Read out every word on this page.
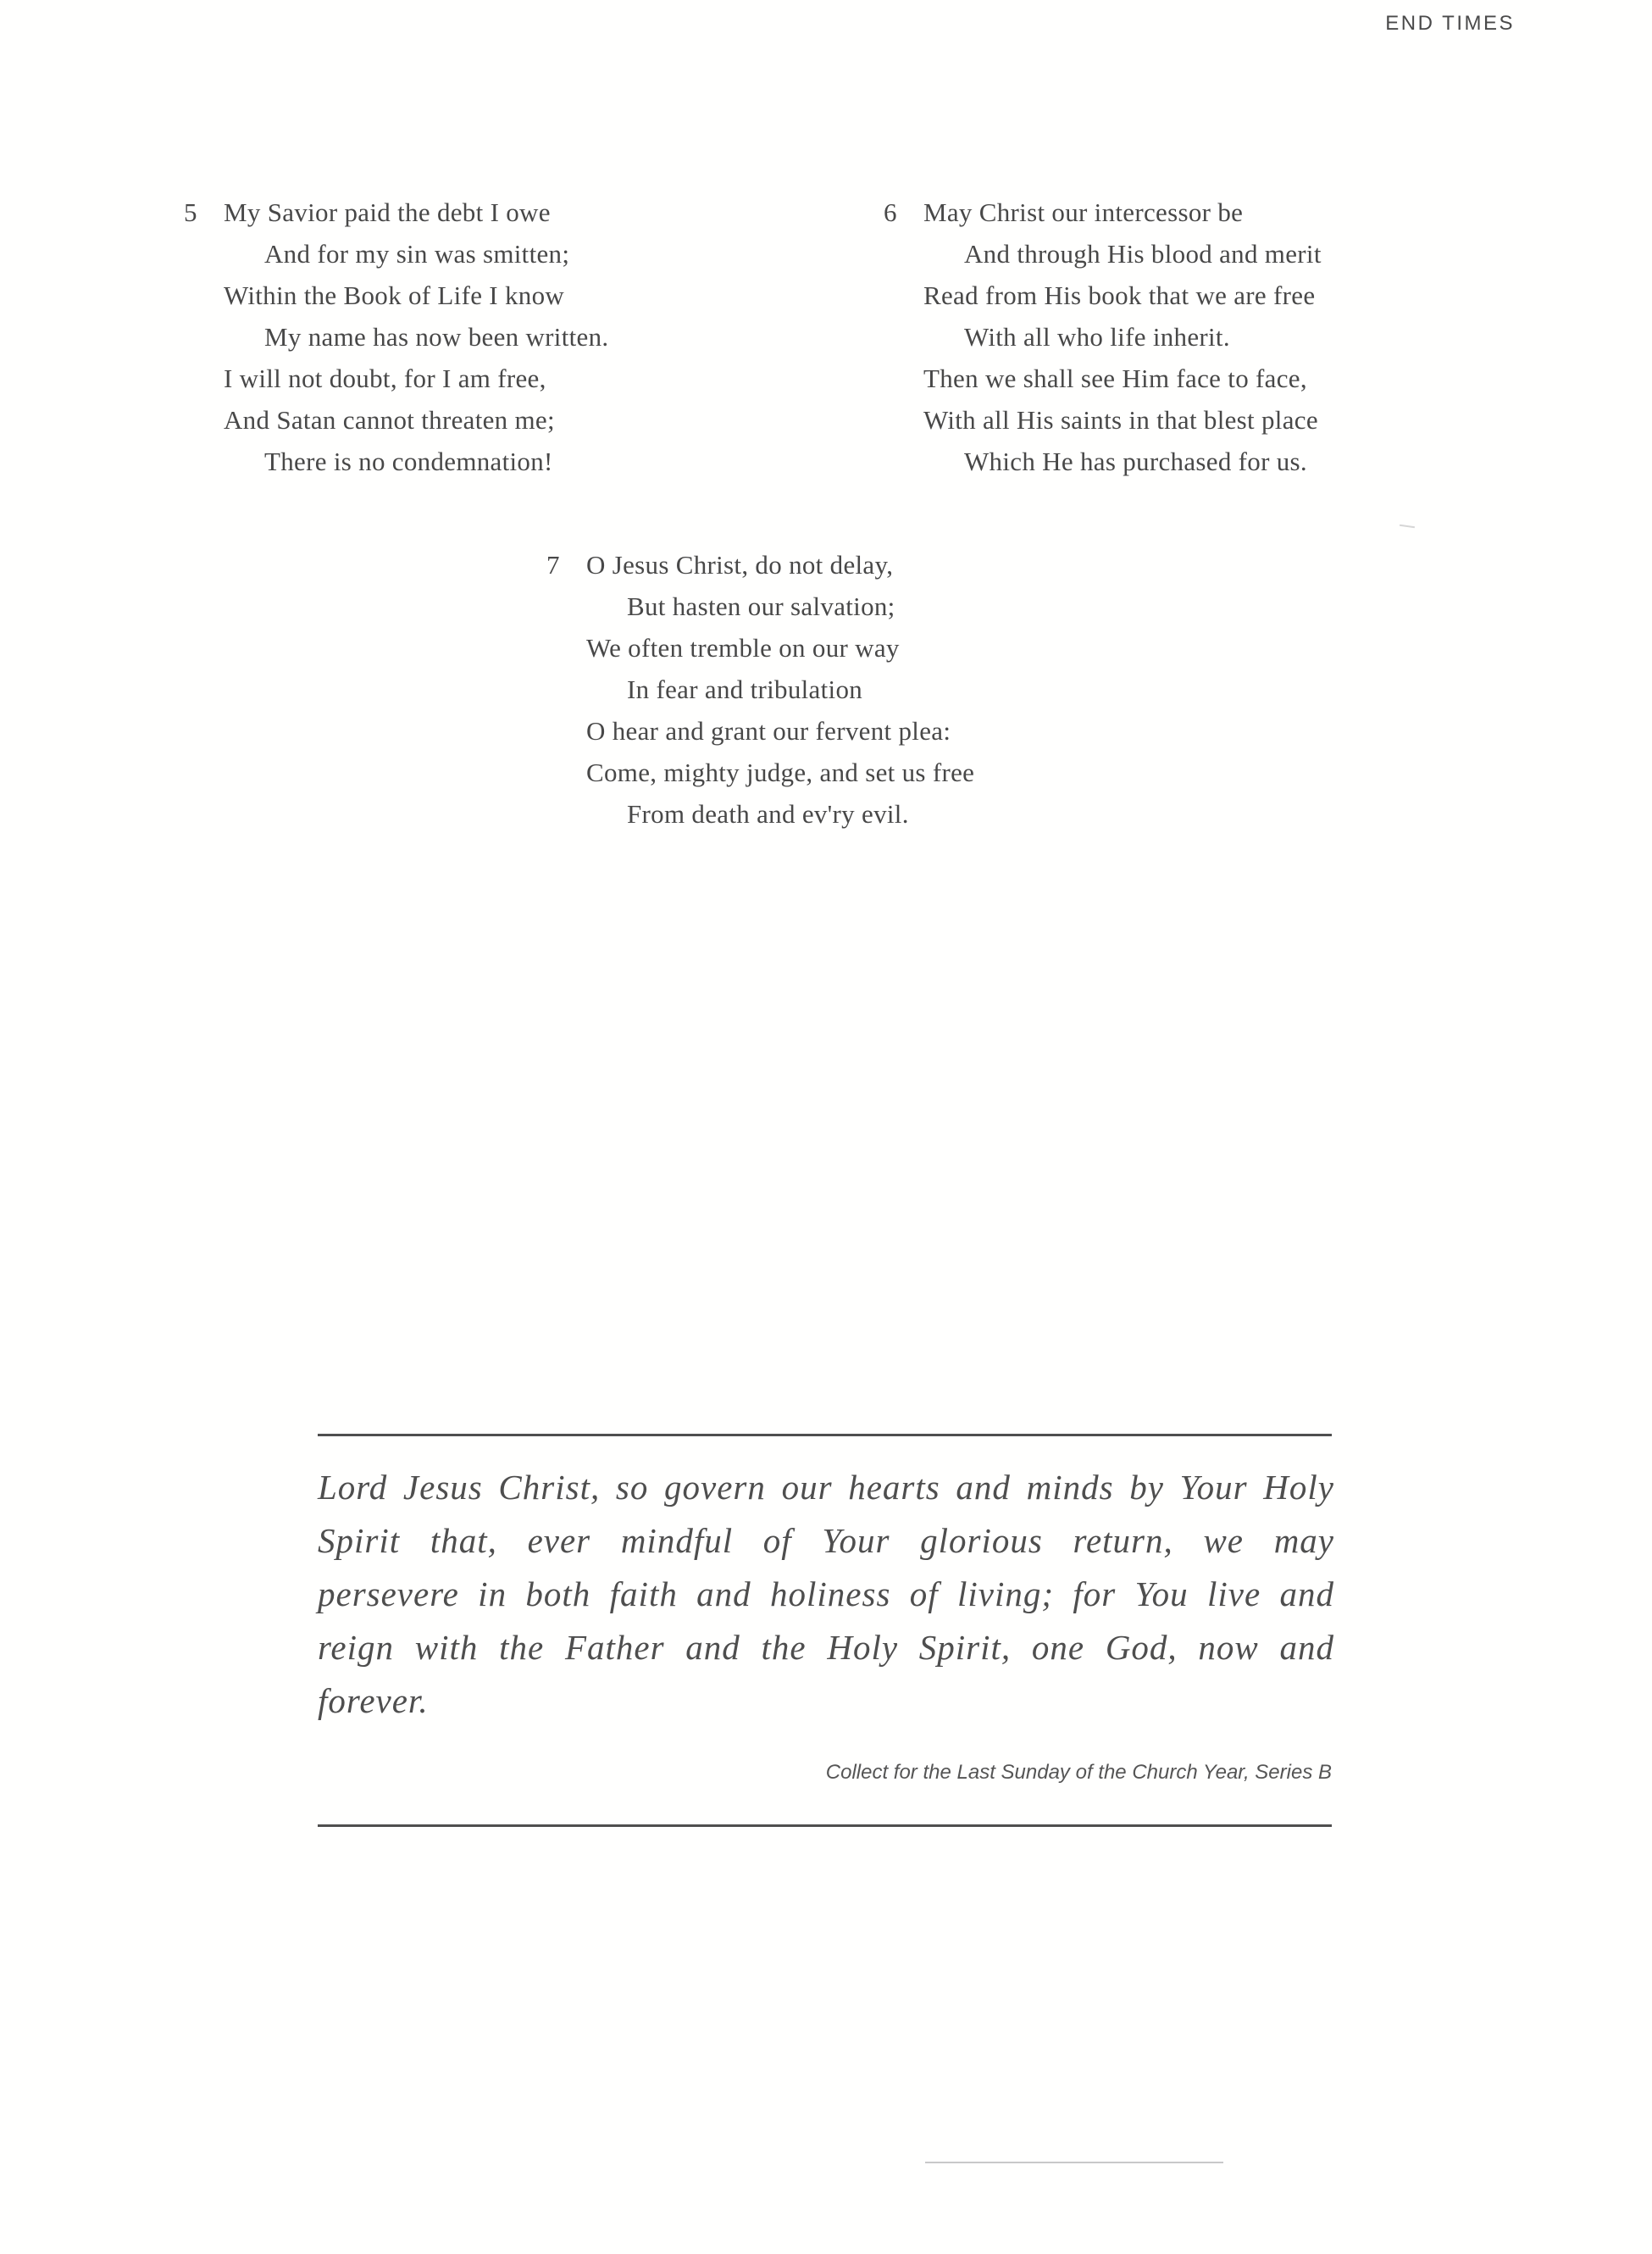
END TIMES
5 My Savior paid the debt I owe
And for my sin was smitten;
Within the Book of Life I know
My name has now been written.
I will not doubt, for I am free,
And Satan cannot threaten me;
There is no condemnation!
6 May Christ our intercessor be
And through His blood and merit
Read from His book that we are free
With all who life inherit.
Then we shall see Him face to face,
With all His saints in that blest place
Which He has purchased for us.
7 O Jesus Christ, do not delay,
But hasten our salvation;
We often tremble on our way
In fear and tribulation
O hear and grant our fervent plea:
Come, mighty judge, and set us free
From death and ev'ry evil.
Lord Jesus Christ, so govern our hearts and minds by Your Holy Spirit that, ever mindful of Your glorious return, we may persevere in both faith and holiness of living; for You live and reign with the Father and the Holy Spirit, one God, now and forever.
Collect for the Last Sunday of the Church Year, Series B
